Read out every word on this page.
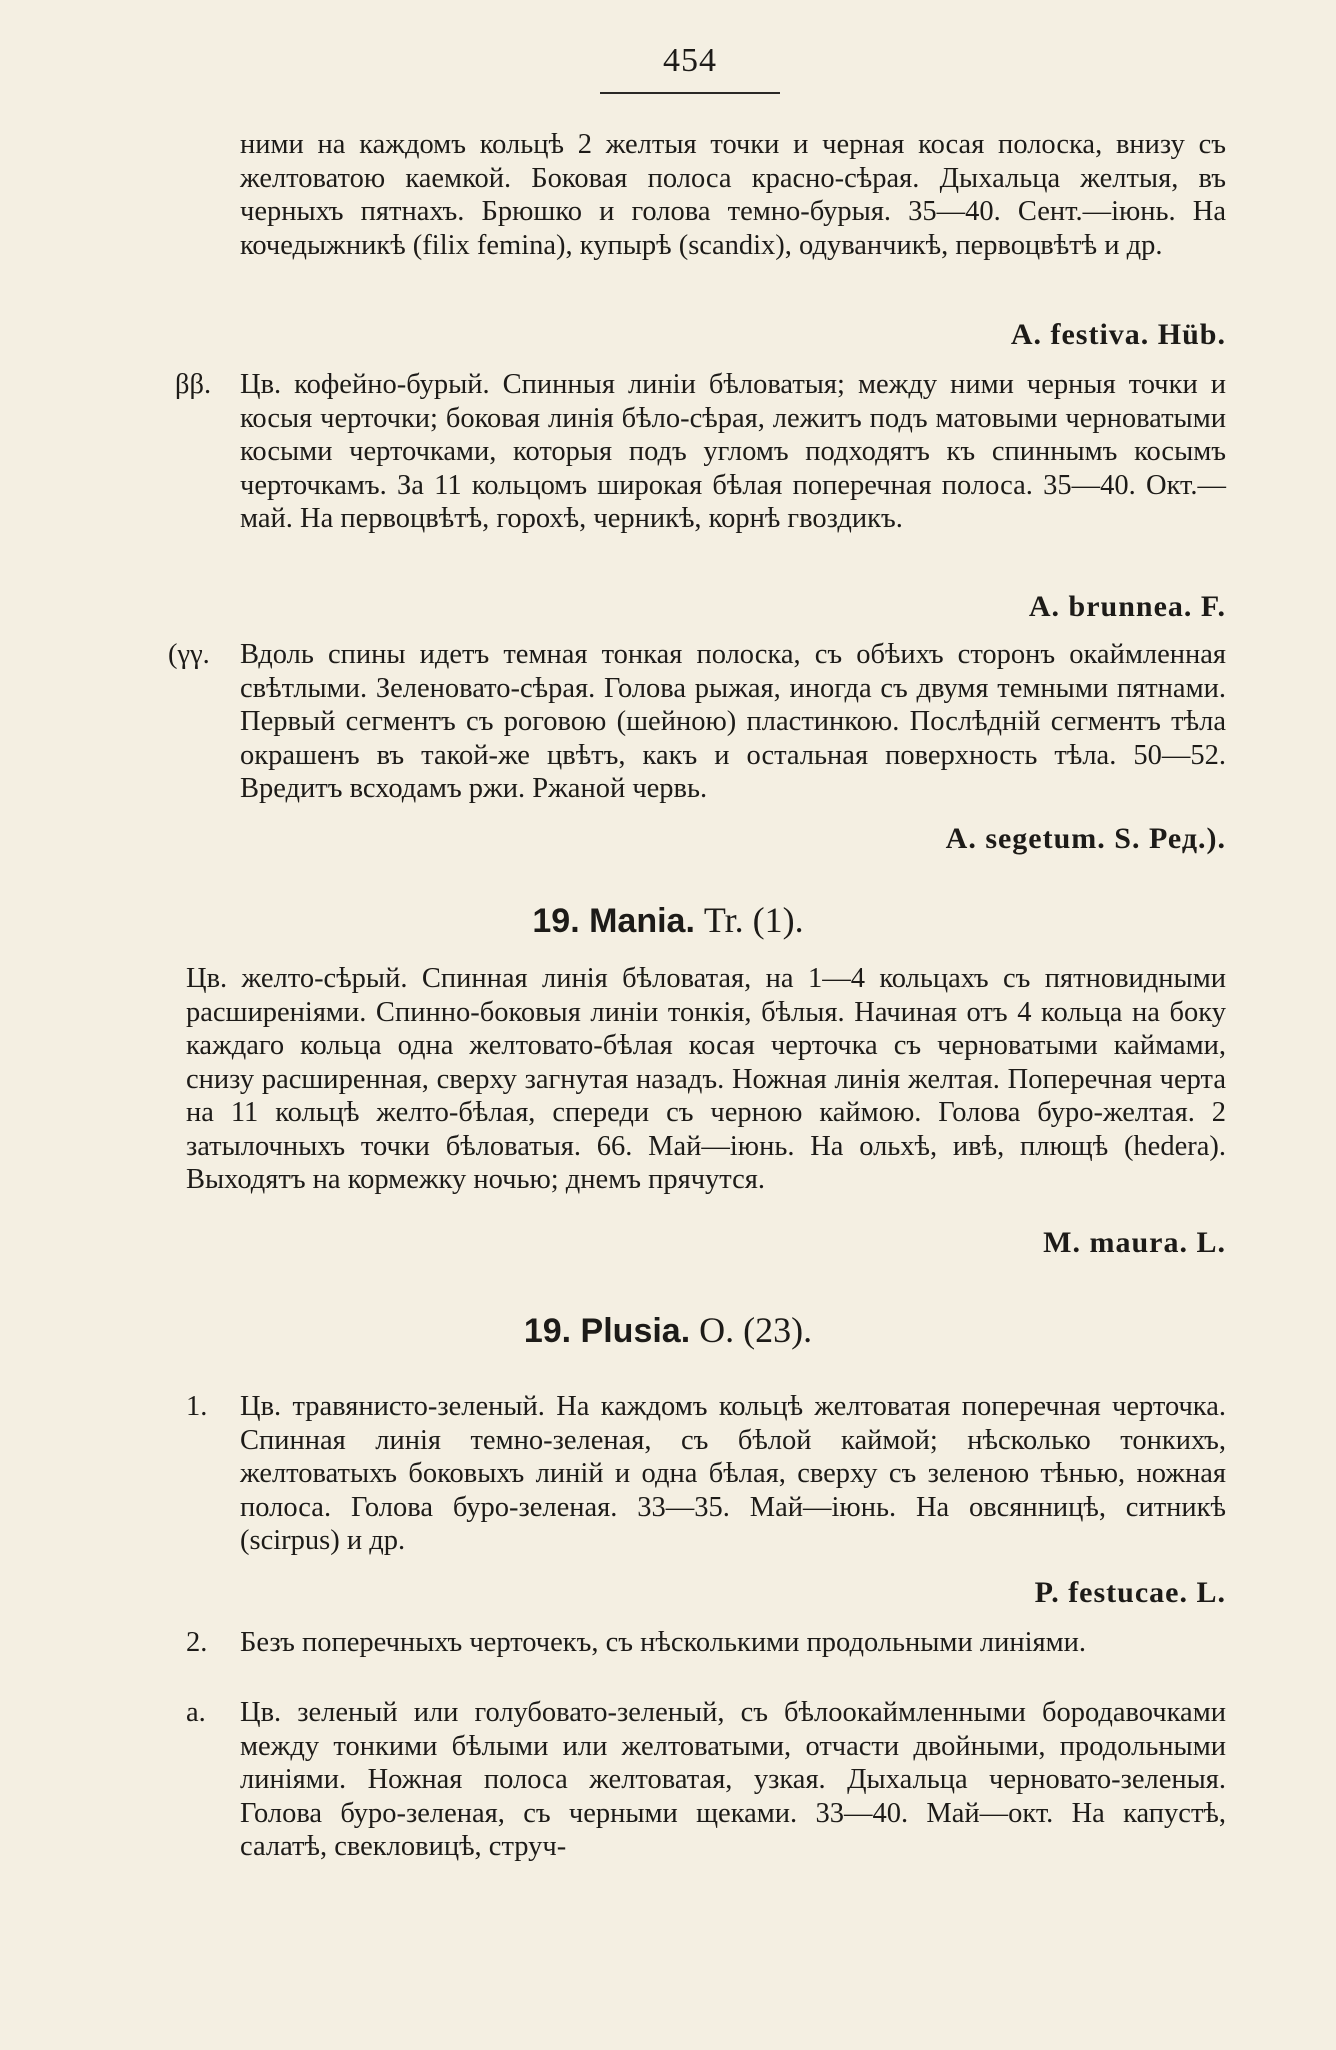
454
ними на каждомъ кольцѣ 2 желтыя точки и черная косая полоска, внизу съ желтоватою каемкой. Боковая полоса красно-сѣрая. Дыхальца желтыя, въ черныхъ пятнахъ. Брюшко и голова темно-бурыя. 35—40. Сент.—іюнь. На кочедыжникѣ (filix femina), купырѣ (scandix), одуванчикѣ, первоцвѣтѣ и др.
A. festiva. Hüb.
ββ.	Цв. кофейно-бурый. Спинныя линіи бѣловатыя; между ними черныя точки и косыя черточки; боковая линія бѣло-сѣрая, лежитъ подъ матовыми черноватыми косыми черточками, которыя подъ угломъ подходятъ къ спиннымъ косымъ черточкамъ. За 11 кольцомъ широкая бѣлая поперечная полоса. 35—40. Окт.—май. На первоцвѣтѣ, горохѣ, черникѣ, корнѣ гвоздикъ.
A. brunnea. F.
(γγ.	Вдоль спины идетъ темная тонкая полоска, съ обѣихъ сторонъ окаймленная свѣтлыми. Зеленовато-сѣрая. Голова рыжая, иногда съ двумя темными пятнами. Первый сегментъ съ роговою (шейною) пластинкою. Послѣдній сегментъ тѣла окрашенъ въ такой-же цвѣтъ, какъ и остальная поверхность тѣла. 50—52. Вредитъ всходамъ ржи. Ржаной червь.
A. segetum. S. Ред.).
19. Mania. Tr. (1).
Цв. желто-сѣрый. Спинная линія бѣловатая, на 1—4 кольцахъ съ пятновидными расширеніями. Спинно-боковыя линіи тонкія, бѣлыя. Начиная отъ 4 кольца на боку каждаго кольца одна желтовато-бѣлая косая черточка съ черноватыми каймами, снизу расширенная, сверху загнутая назадъ. Ножная линія желтая. Поперечная черта на 11 кольцѣ желто-бѣлая, спереди съ черною каймою. Голова буро-желтая. 2 затылочныхъ точки бѣловатыя. 66. Май—іюнь. На ольхѣ, ивѣ, плющѣ (hedera). Выходятъ на кормежку ночью; днемъ прячутся.
M. maura. L.
19. Plusia. O. (23).
1.	Цв. травянисто-зеленый. На каждомъ кольцѣ желтоватая поперечная черточка. Спинная линія темно-зеленая, съ бѣлой каймой; нѣсколько тонкихъ, желтоватыхъ боковыхъ линій и одна бѣлая, сверху съ зеленою тѣнью, ножная полоса. Голова буро-зеленая. 33—35. Май—іюнь. На овсянницѣ, ситникѣ (scirpus) и др.
P. festucae. L.
2.	Безъ поперечныхъ черточекъ, съ нѣсколькими продольными линіями.
a.	Цв. зеленый или голубовато-зеленый, съ бѣлоокаймленными бородавочками между тонкими бѣлыми или желтоватыми, отчасти двойными, продольными линіями. Ножная полоса желтоватая, узкая. Дыхальца черновато-зеленыя. Голова буро-зеленая, съ черными щеками. 33—40. Май—окт. На капустѣ, салатѣ, свекловицѣ, струч-
